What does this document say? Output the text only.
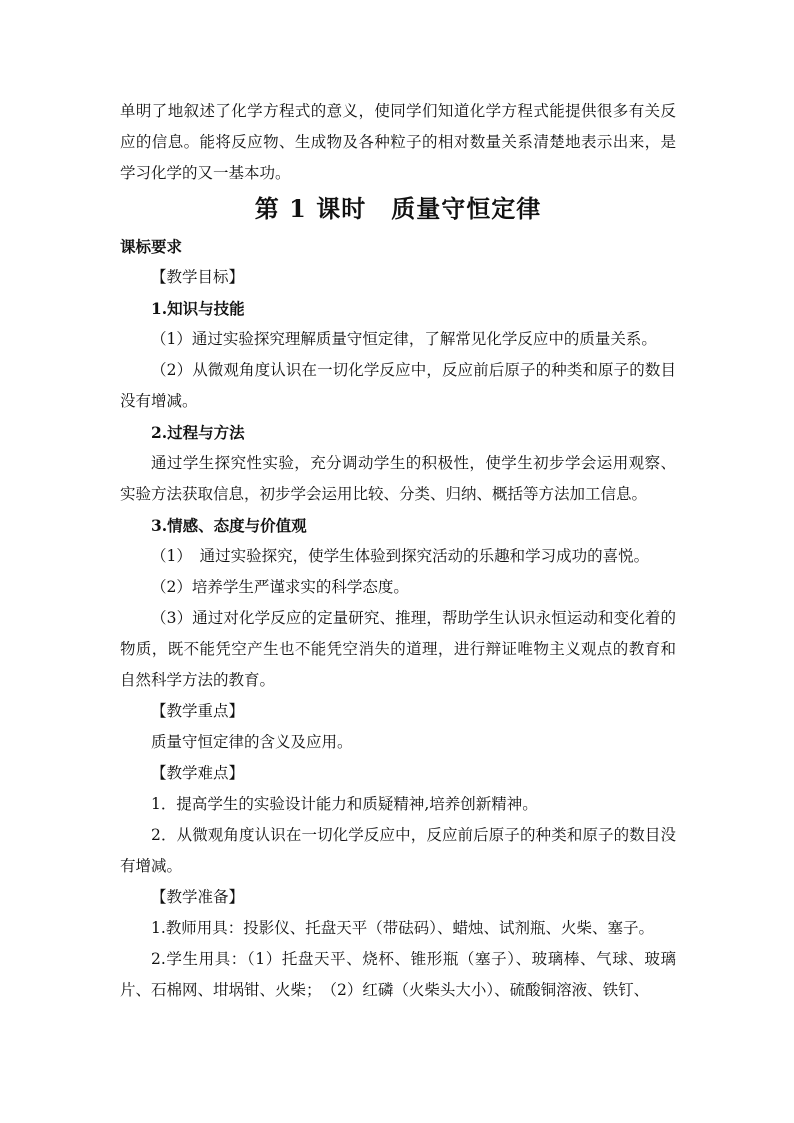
单明了地叙述了化学方程式的意义，使同学们知道化学方程式能提供很多有关反应的信息。能将反应物、生成物及各种粒子的相对数量关系清楚地表示出来，是学习化学的又一基本功。

第 1 课时　质量守恒定律

课标要求

【教学目标】

1.知识与技能

（1）通过实验探究理解质量守恒定律，了解常见化学反应中的质量关系。

（2）从微观角度认识在一切化学反应中，反应前后原子的种类和原子的数目没有增减。

2.过程与方法

通过学生探究性实验，充分调动学生的积极性，使学生初步学会运用观察、实验方法获取信息，初步学会运用比较、分类、归纳、概括等方法加工信息。

3.情感、态度与价值观

（1）　通过实验探究，使学生体验到探究活动的乐趣和学习成功的喜悦。

（2）培养学生严谨求实的科学态度。

（3）通过对化学反应的定量研究、推理，帮助学生认识永恒运动和变化着的物质，既不能凭空产生也不能凭空消失的道理，进行辩证唯物主义观点的教育和自然科学方法的教育。

【教学重点】

质量守恒定律的含义及应用。

【教学难点】

1．提高学生的实验设计能力和质疑精神,培养创新精神。

2．从微观角度认识在一切化学反应中，反应前后原子的种类和原子的数目没有增减。

【教学准备】

1.教师用具：投影仪、托盘天平（带砝码）、蜡烛、试剂瓶、火柴、塞子。

2.学生用具：（1）托盘天平、烧杯、锥形瓶（塞子）、玻璃棒、气球、玻璃片、石棉网、坩埚钳、火柴；　（2）红磷（火柴头大小）、硫酸铜溶液、铁钉、
